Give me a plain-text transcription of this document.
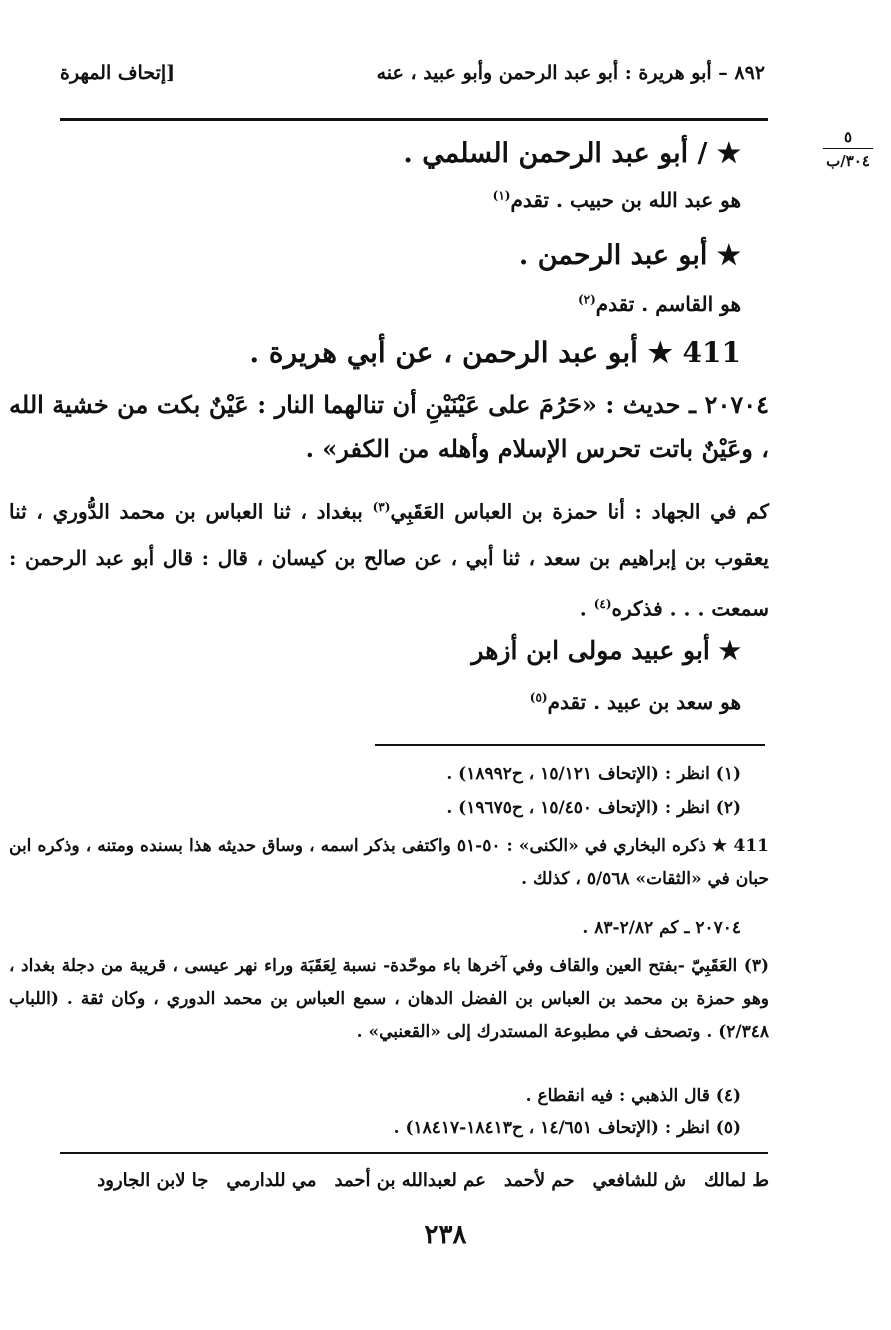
٨٩٢ – أبو هريرة : أبو عبد الرحمن وأبو عبيد ، عنه
[إتحاف المهرة
٥
٣٠٤/ب
★ / أبو عبد الرحمن السلمي .
هو عبد الله بن حبيب . تقدم$^{(١)}$
★ أبو عبد الرحمن .
هو القاسم . تقدم$^{(٢)}$
411 ★ أبو عبد الرحمن ، عن أبي هريرة .
٢٠٧٠٤ ـ حديث : «حَرُمَ على عَيْنَيْنِ أن تنالهما النار : عَيْنٌ بكت من خشية الله ، وعَيْنٌ باتت تحرس الإسلام وأهله من الكفر» .
كم في الجهاد : أنا حمزة بن العباس العَقَبِي$^{(٣)}$ ببغداد ، ثنا العباس بن محمد الدُّوري ، ثنا يعقوب بن إبراهيم بن سعد ، ثنا أبي ، عن صالح بن كيسان ، قال : قال أبو عبد الرحمن : سمعت . . . فذكره$^{(٤)}$ .
★ أبو عبيد مولى ابن أزهر
هو سعد بن عبيد . تقدم$^{(٥)}$
(١) انظر : (الإتحاف ١٥/١٢١ ، ح١٨٩٩٢) .
(٢) انظر : (الإتحاف ١٥/٤٥٠ ، ح١٩٦٧٥) .
411 ★ ذكره البخاري في «الكنى» : ٥٠-٥١ واكتفى بذكر اسمه ، وساق حديثه هذا بسنده ومتنه ، وذكره ابن حبان في «الثقات» ٥/٥٦٨ ، كذلك .
٢٠٧٠٤ ـ كم ٢/٨٢-٨٣ .
(٣) العَقَبِيّ -بفتح العين والقاف وفي آخرها باء موحّدة- نسبة لِعَقَبَة وراء نهر عيسى ، قريبة من دجلة بغداد ، وهو حمزة بن محمد بن العباس بن الفضل الدهان ، سمع العباس بن محمد الدوري ، وكان ثقة . (اللباب ٢/٣٤٨) . وتصحف في مطبوعة المستدرك إلى «القعنبي» .
(٤) قال الذهبي : فيه انقطاع .
(٥) انظر : (الإتحاف ١٤/٦٥١ ، ح١٨٤١٣-١٨٤١٧) .
ط لمالك
ش للشافعي
حم لأحمد
عم لعبدالله بن أحمد
مي للدارمي
جا لابن الجارود
٢٣٨
